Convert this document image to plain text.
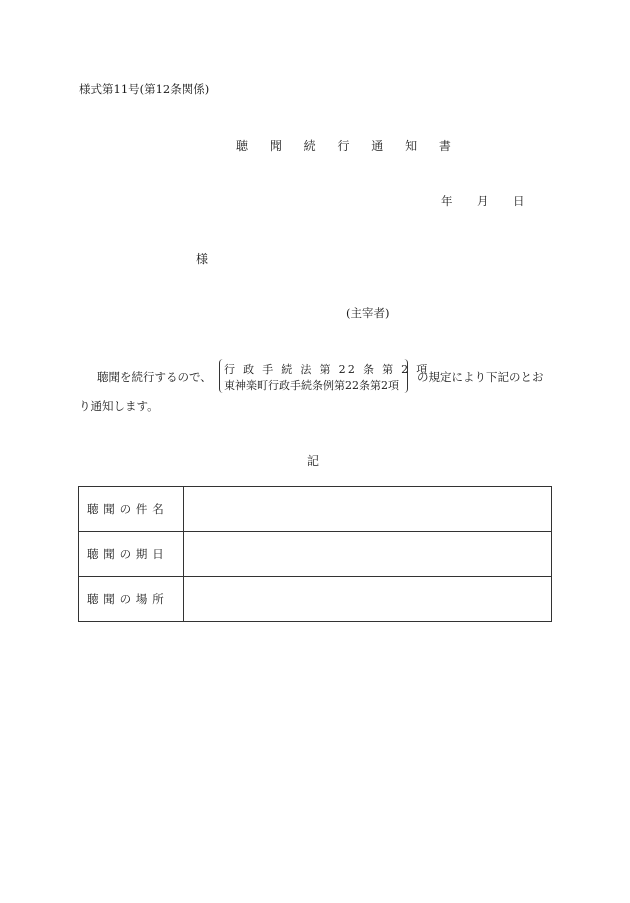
様式第11号(第12条関係)
聴 聞 続 行 通 知 書
年 月 日
様
(主宰者)
聴聞を続行するので、
行 政 手 続 法 第 22 条 第 2 項
東神楽町行政手続条例第22条第2項
の規定により下記のとお
り通知します。
記
聴聞の件名	
聴聞の期日	
聴聞の場所	
